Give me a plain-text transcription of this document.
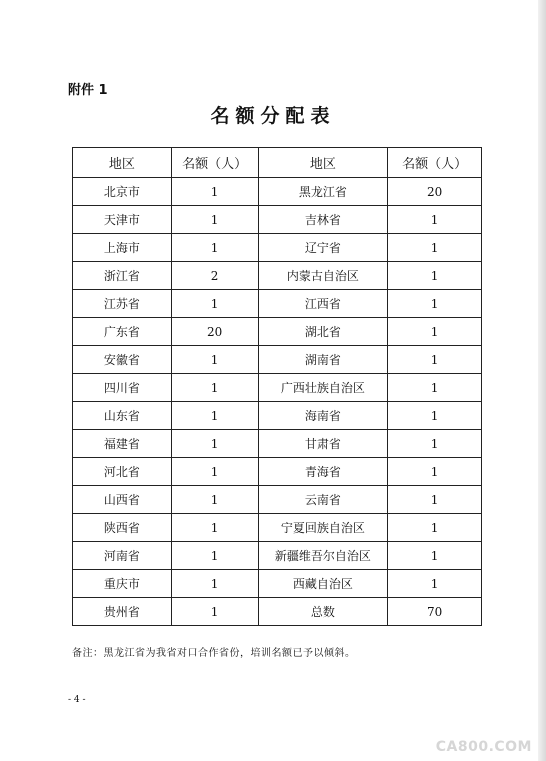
附件 1
名额分配表
地区	名额（人）	地区	名额（人）
北京市	1	黑龙江省	20
天津市	1	吉林省	1
上海市	1	辽宁省	1
浙江省	2	内蒙古自治区	1
江苏省	1	江西省	1
广东省	20	湖北省	1
安徽省	1	湖南省	1
四川省	1	广西壮族自治区	1
山东省	1	海南省	1
福建省	1	甘肃省	1
河北省	1	青海省	1
山西省	1	云南省	1
陕西省	1	宁夏回族自治区	1
河南省	1	新疆维吾尔自治区	1
重庆市	1	西藏自治区	1
贵州省	1	总数	70
备注：黑龙江省为我省对口合作省份，培训名额已予以倾斜。
- 4 -
CA800.COM
